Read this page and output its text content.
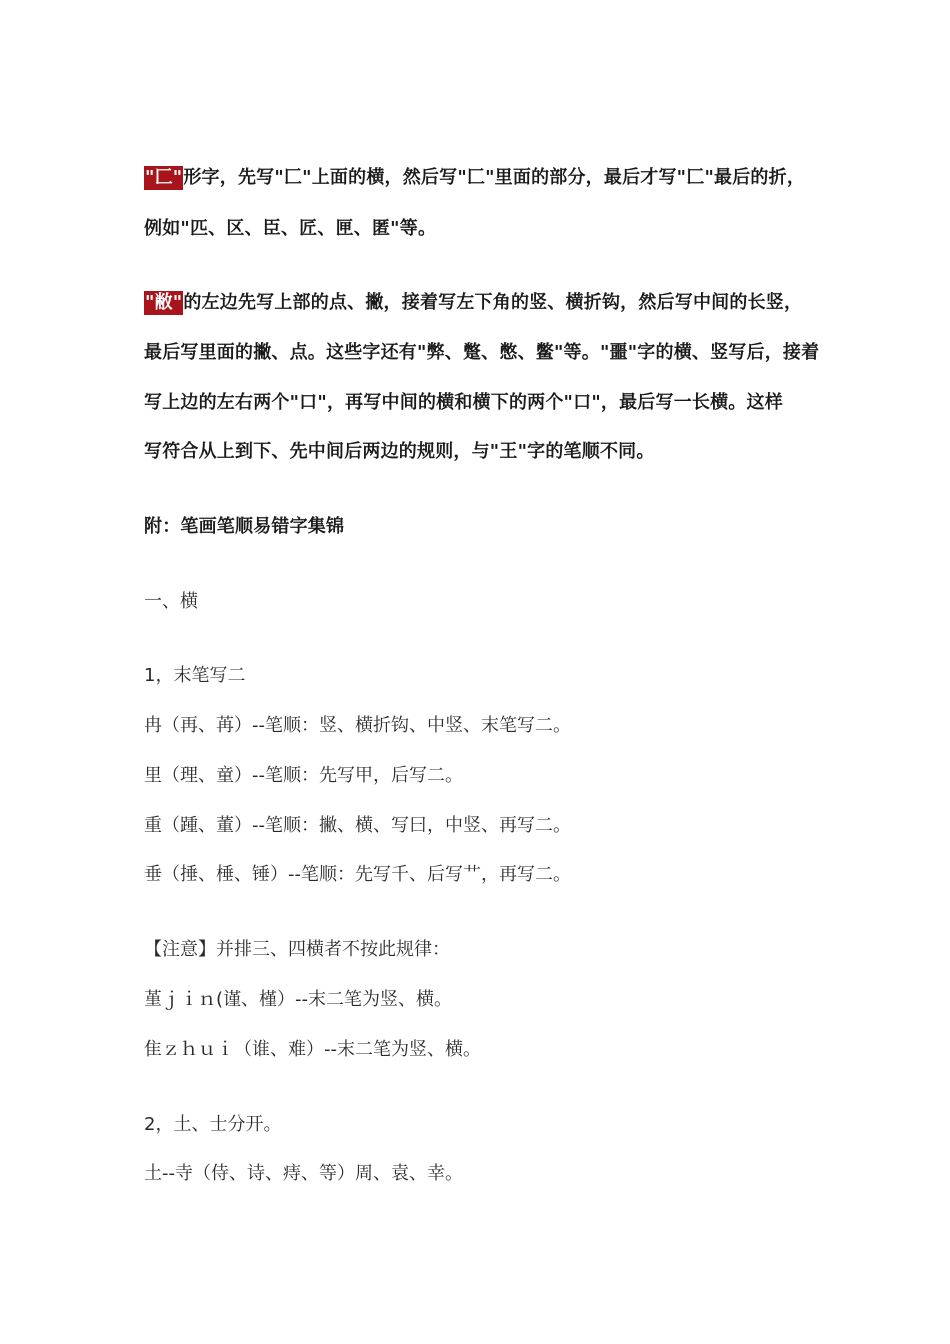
"匚"形字，先写"匚"上面的横，然后写"匚"里面的部分，最后才写"匚"最后的折，
例如"匹、区、臣、匠、匣、匿"等。
"敝"的左边先写上部的点、撇，接着写左下角的竖、横折钩，然后写中间的长竖，
最后写里面的撇、点。这些字还有"弊、蹩、憋、鳖"等。"噩"字的横、竖写后，接着
写上边的左右两个"口"，再写中间的横和横下的两个"口"，最后写一长横。这样
写符合从上到下、先中间后两边的规则，与"王"字的笔顺不同。
附：笔画笔顺易错字集锦
一、横
1，末笔写二
冉（再、苒）--笔顺：竖、横折钩、中竖、末笔写二。
里（理、童）--笔顺：先写甲，后写二。
重（踵、董）--笔顺：撇、横、写曰，中竖、再写二。
垂（捶、棰、锤）--笔顺：先写千、后写艹，再写二。
【注意】并排三、四横者不按此规律：
堇ｊｉｎ(谨、槿）--末二笔为竖、横。
隹ｚｈｕｉ（谁、难）--末二笔为竖、横。
2，土、士分开。
土--寺（侍、诗、痔、等）周、袁、幸。
